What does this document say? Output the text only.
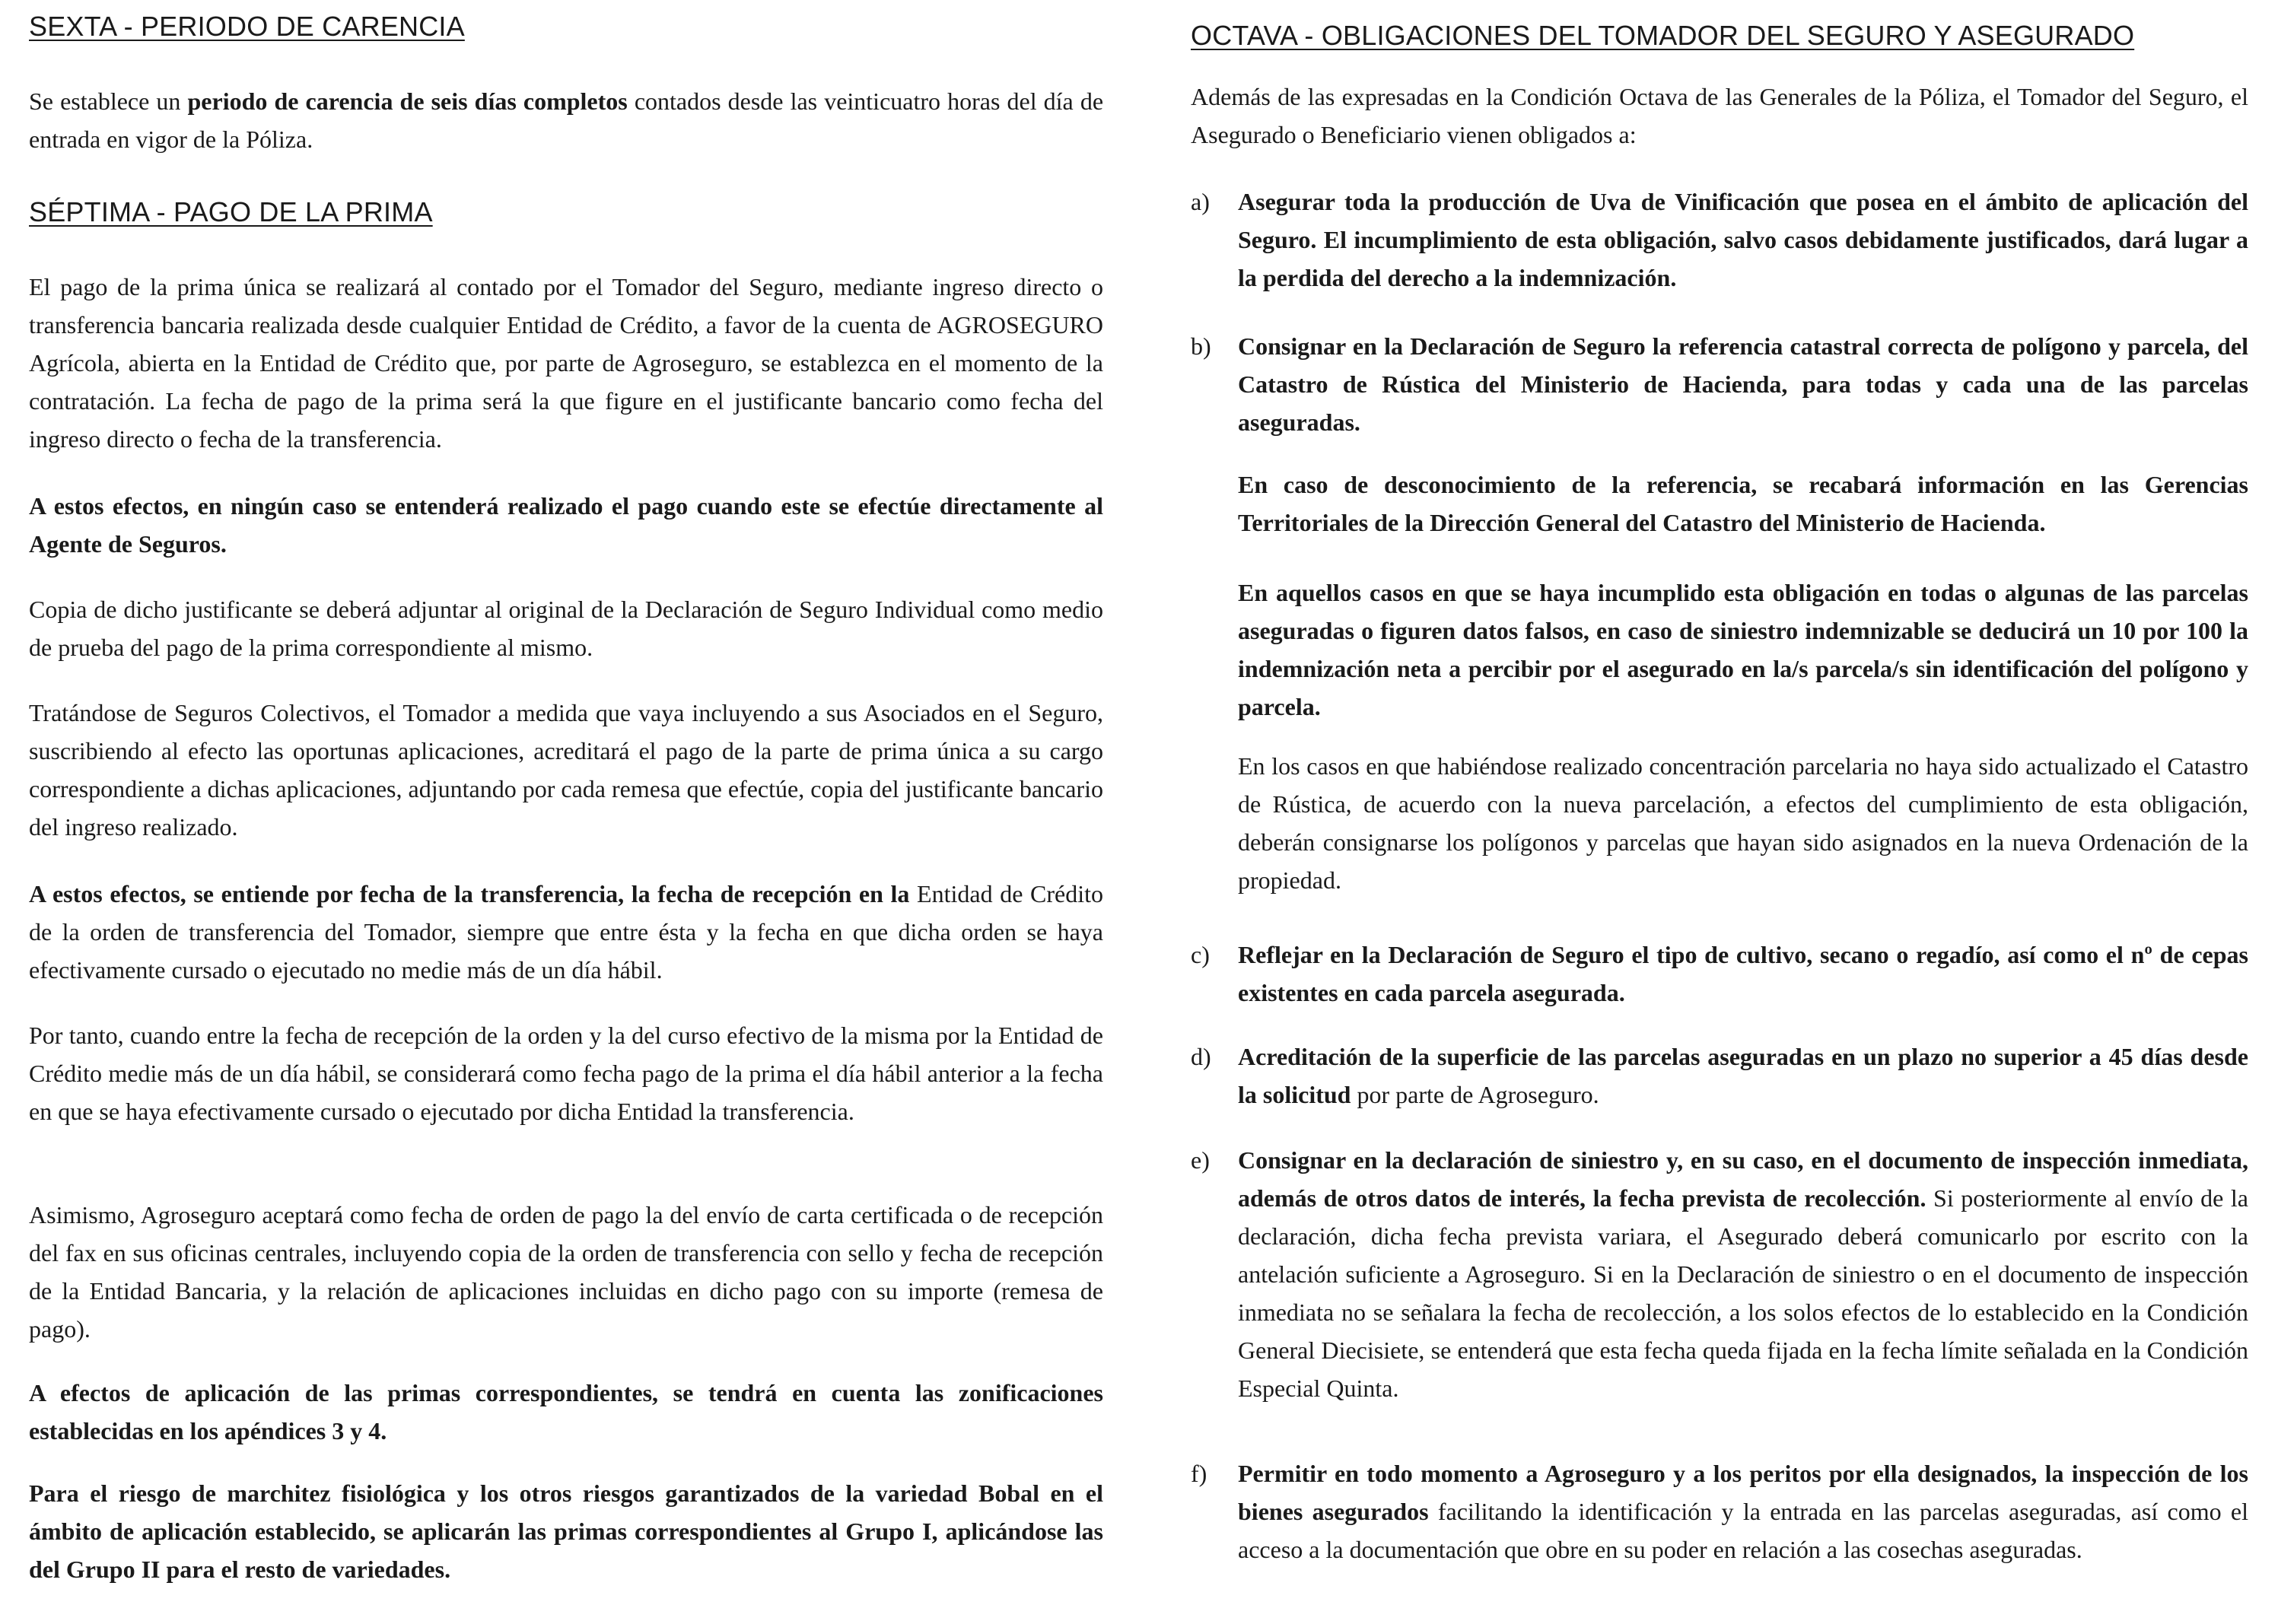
SEXTA - PERIODO DE CARENCIA

Se establece un periodo de carencia de seis días completos contados desde las veinticuatro horas del día de entrada en vigor de la Póliza.

SÉPTIMA - PAGO DE LA PRIMA

El pago de la prima única se realizará al contado por el Tomador del Seguro, mediante ingreso directo o transferencia bancaria realizada desde cualquier Entidad de Crédito, a favor de la cuenta de AGROSEGURO Agrícola, abierta en la Entidad de Crédito que, por parte de Agroseguro, se establezca en el momento de la contratación. La fecha de pago de la prima será la que figure en el justificante bancario como fecha del ingreso directo o fecha de la transferencia.

A estos efectos, en ningún caso se entenderá realizado el pago cuando este se efectúe directamente al Agente de Seguros.

Copia de dicho justificante se deberá adjuntar al original de la Declaración de Seguro Individual como medio de prueba del pago de la prima correspondiente al mismo.

Tratándose de Seguros Colectivos, el Tomador a medida que vaya incluyendo a sus Asociados en el Seguro, suscribiendo al efecto las oportunas aplicaciones, acreditará el pago de la parte de prima única a su cargo correspondiente a dichas aplicaciones, adjuntando por cada remesa que efectúe, copia del justificante bancario del ingreso realizado.

A estos efectos, se entiende por fecha de la transferencia, la fecha de recepción en la Entidad de Crédito de la orden de transferencia del Tomador, siempre que entre ésta y la fecha en que dicha orden se haya efectivamente cursado o ejecutado no medie más de un día hábil.

Por tanto, cuando entre la fecha de recepción de la orden y la del curso efectivo de la misma por la Entidad de Crédito medie más de un día hábil, se considerará como fecha pago de la prima el día hábil anterior a la fecha en que se haya efectivamente cursado o ejecutado por dicha Entidad la transferencia.

Asimismo, Agroseguro aceptará como fecha de orden de pago la del envío de carta certificada o de recepción del fax en sus oficinas centrales, incluyendo copia de la orden de transferencia con sello y fecha de recepción de la Entidad Bancaria, y la relación de aplicaciones incluidas en dicho pago con su importe (remesa de pago).

A efectos de aplicación de las primas correspondientes, se tendrá en cuenta las zonificaciones establecidas en los apéndices 3 y 4.

Para el riesgo de marchitez fisiológica y los otros riesgos garantizados de la variedad Bobal en el ámbito de aplicación establecido, se aplicarán las primas correspondientes al Grupo I, aplicándose las del Grupo II para el resto de variedades.

OCTAVA - OBLIGACIONES DEL TOMADOR DEL SEGURO Y ASEGURADO

Además de las expresadas en la Condición Octava de las Generales de la Póliza, el Tomador del Seguro, el Asegurado o Beneficiario vienen obligados a:

a) Asegurar toda la producción de Uva de Vinificación que posea en el ámbito de aplicación del Seguro. El incumplimiento de esta obligación, salvo casos debidamente justificados, dará lugar a la perdida del derecho a la indemnización.

b) Consignar en la Declaración de Seguro la referencia catastral correcta de polígono y parcela, del Catastro de Rústica del Ministerio de Hacienda, para todas y cada una de las parcelas aseguradas.

En caso de desconocimiento de la referencia, se recabará información en las Gerencias Territoriales de la Dirección General del Catastro del Ministerio de Hacienda.

En aquellos casos en que se haya incumplido esta obligación en todas o algunas de las parcelas aseguradas o figuren datos falsos, en caso de siniestro indemnizable se deducirá un 10 por 100 la indemnización neta a percibir por el asegurado en la/s parcela/s sin identificación del polígono y parcela.

En los casos en que habiéndose realizado concentración parcelaria no haya sido actualizado el Catastro de Rústica, de acuerdo con la nueva parcelación, a efectos del cumplimiento de esta obligación, deberán consignarse los polígonos y parcelas que hayan sido asignados en la nueva Ordenación de la propiedad.

c) Reflejar en la Declaración de Seguro el tipo de cultivo, secano o regadío, así como el nº de cepas existentes en cada parcela asegurada.

d) Acreditación de la superficie de las parcelas aseguradas en un plazo no superior a 45 días desde la solicitud por parte de Agroseguro.

e) Consignar en la declaración de siniestro y, en su caso, en el documento de inspección inmediata, además de otros datos de interés, la fecha prevista de recolección. Si posteriormente al envío de la declaración, dicha fecha prevista variara, el Asegurado deberá comunicarlo por escrito con la antelación suficiente a Agroseguro. Si en la Declaración de siniestro o en el documento de inspección inmediata no se señalara la fecha de recolección, a los solos efectos de lo establecido en la Condición General Diecisiete, se entenderá que esta fecha queda fijada en la fecha límite señalada en la Condición Especial Quinta.

f) Permitir en todo momento a Agroseguro y a los peritos por ella designados, la inspección de los bienes asegurados facilitando la identificación y la entrada en las parcelas aseguradas, así como el acceso a la documentación que obre en su poder en relación a las cosechas aseguradas.
